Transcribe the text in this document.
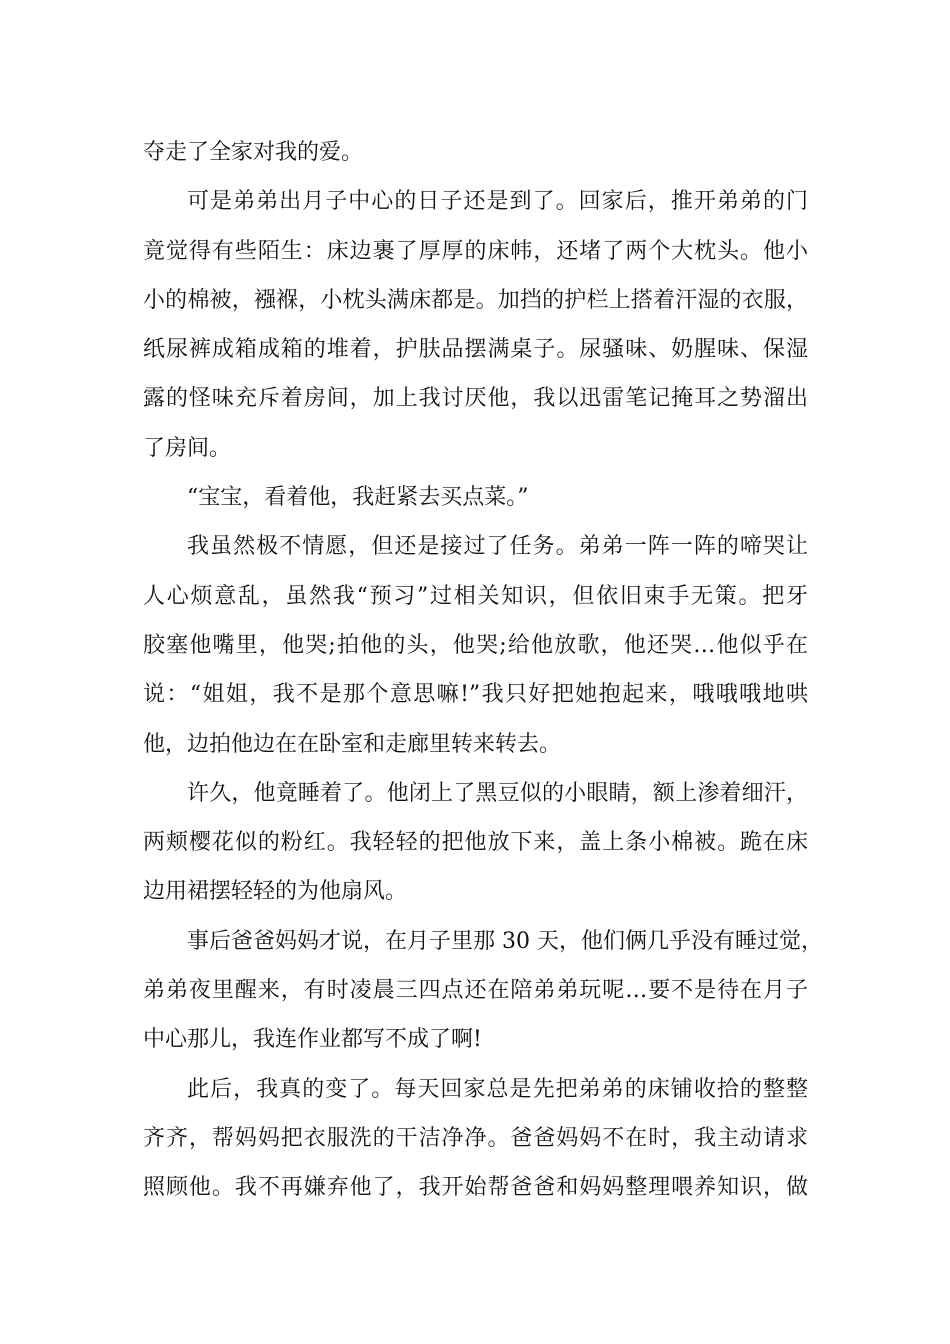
夺走了全家对我的爱。
可是弟弟出月子中心的日子还是到了。回家后，推开弟弟的门
竟觉得有些陌生：床边裹了厚厚的床帏，还堵了两个大枕头。他小
小的棉被，襁褓，小枕头满床都是。加挡的护栏上搭着汗湿的衣服，
纸尿裤成箱成箱的堆着，护肤品摆满桌子。尿骚味、奶腥味、保湿
露的怪味充斥着房间，加上我讨厌他，我以迅雷笔记掩耳之势溜出
了房间。
“宝宝，看着他，我赶紧去买点菜。”
我虽然极不情愿，但还是接过了任务。弟弟一阵一阵的啼哭让
人心烦意乱，虽然我“预习”过相关知识，但依旧束手无策。把牙
胶塞他嘴里，他哭;拍他的头，他哭;给他放歌，他还哭…他似乎在
说：“姐姐，我不是那个意思嘛!”我只好把她抱起来，哦哦哦地哄
他，边拍他边在在卧室和走廊里转来转去。
许久，他竟睡着了。他闭上了黑豆似的小眼睛，额上渗着细汗，
两颊樱花似的粉红。我轻轻的把他放下来，盖上条小棉被。跪在床
边用裙摆轻轻的为他扇风。
事后爸爸妈妈才说，在月子里那 30 天，他们俩几乎没有睡过觉，
弟弟夜里醒来，有时凌晨三四点还在陪弟弟玩呢…要不是待在月子
中心那儿，我连作业都写不成了啊!
此后，我真的变了。每天回家总是先把弟弟的床铺收拾的整整
齐齐，帮妈妈把衣服洗的干洁净净。爸爸妈妈不在时，我主动请求
照顾他。我不再嫌弃他了，我开始帮爸爸和妈妈整理喂养知识，做
